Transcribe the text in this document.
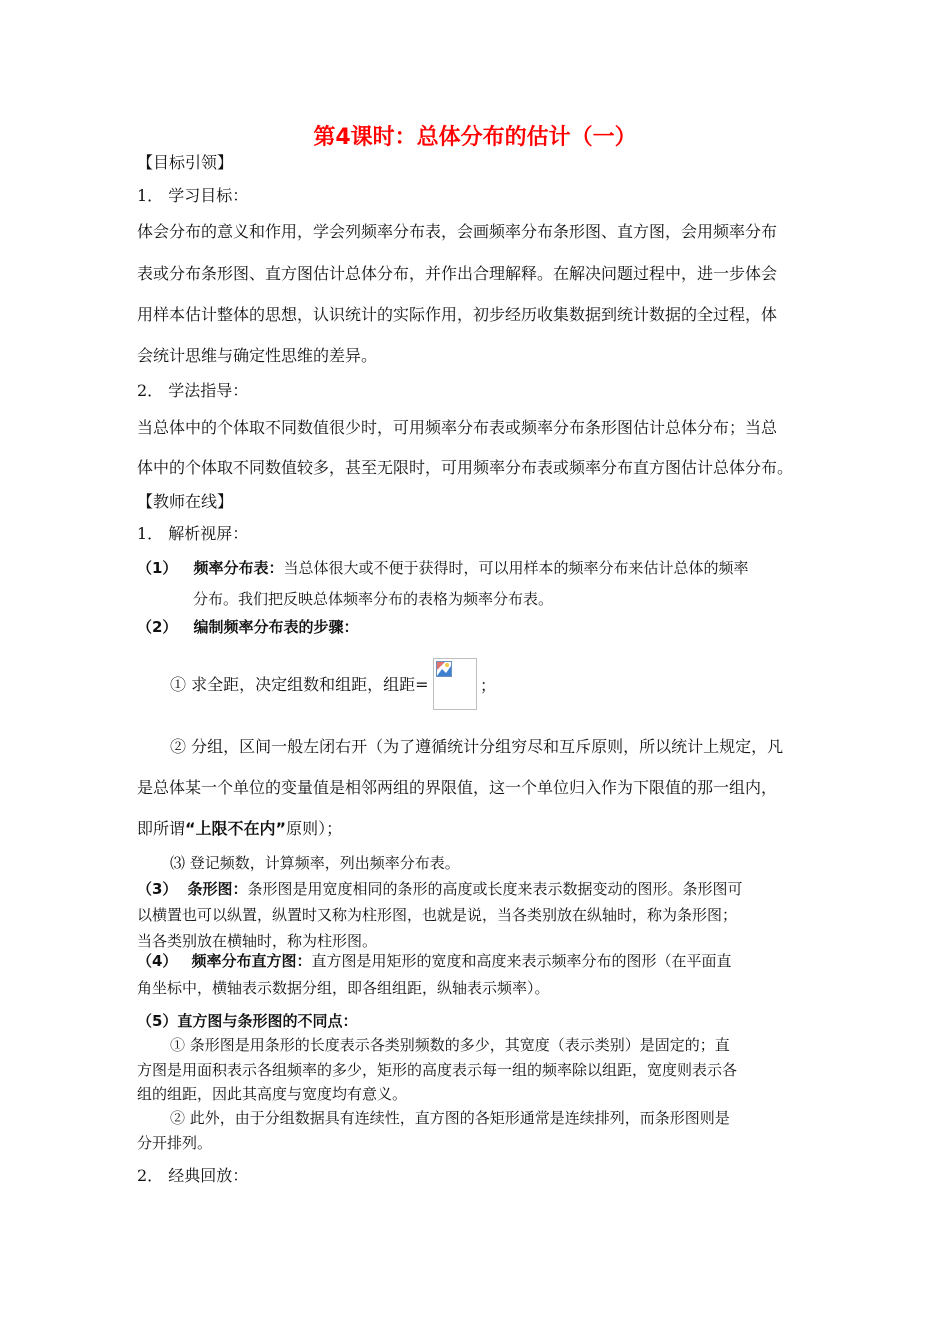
第4课时：总体分布的估计（一）
【目标引领】
1． 学习目标：
体会分布的意义和作用，学会列频率分布表，会画频率分布条形图、直方图，会用频率分布
表或分布条形图、直方图估计总体分布，并作出合理解释。在解决问题过程中，进一步体会
用样本估计整体的思想，认识统计的实际作用，初步经历收集数据到统计数据的全过程，体
会统计思维与确定性思维的差异。
2． 学法指导：
当总体中的个体取不同数值很少时，可用频率分布表或频率分布条形图估计总体分布；当总
体中的个体取不同数值较多，甚至无限时，可用频率分布表或频率分布直方图估计总体分布。
【教师在线】
1． 解析视屏：
（1） 频率分布表：当总体很大或不便于获得时，可以用样本的频率分布来估计总体的频率
分布。我们把反映总体频率分布的表格为频率分布表。
（2） 编制频率分布表的步骤：
① 求全距，决定组数和组距，组距=	；
② 分组，区间一般左闭右开（为了遵循统计分组穷尽和互斥原则，所以统计上规定，凡
是总体某一个单位的变量值是相邻两组的界限值，这一个单位归入作为下限值的那一组内，
即所谓“上限不在内”原则）；
⑶ 登记频数，计算频率，列出频率分布表。
（3） 条形图：条形图是用宽度相同的条形的高度或长度来表示数据变动的图形。条形图可
以横置也可以纵置，纵置时又称为柱形图，也就是说，当各类别放在纵轴时，称为条形图；
当各类别放在横轴时，称为柱形图。
（4） 频率分布直方图：直方图是用矩形的宽度和高度来表示频率分布的图形（在平面直
角坐标中，横轴表示数据分组，即各组组距，纵轴表示频率）。
（5）直方图与条形图的不同点：
① 条形图是用条形的长度表示各类别频数的多少，其宽度（表示类别）是固定的；直
方图是用面积表示各组频率的多少，矩形的高度表示每一组的频率除以组距，宽度则表示各
组的组距，因此其高度与宽度均有意义。
② 此外，由于分组数据具有连续性，直方图的各矩形通常是连续排列，而条形图则是
分开排列。
2． 经典回放：
